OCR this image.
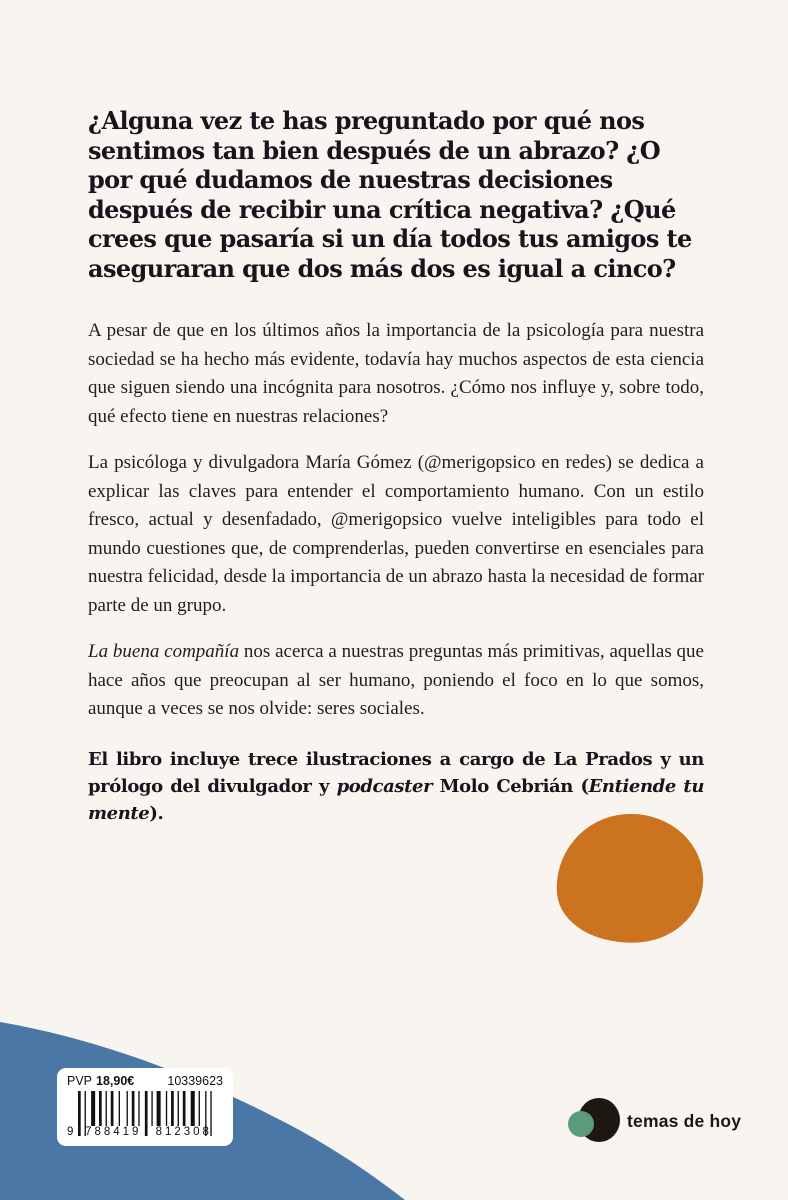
¿Alguna vez te has preguntado por qué nos sentimos tan bien después de un abrazo? ¿O por qué dudamos de nuestras decisiones después de recibir una crítica negativa? ¿Qué crees que pasaría si un día todos tus amigos te aseguraran que dos más dos es igual a cinco?

A pesar de que en los últimos años la importancia de la psicología para nuestra sociedad se ha hecho más evidente, todavía hay muchos aspectos de esta ciencia que siguen siendo una incógnita para nosotros. ¿Cómo nos influye y, sobre todo, qué efecto tiene en nuestras relaciones?

La psicóloga y divulgadora María Gómez (@merigopsico en redes) se dedica a explicar las claves para entender el comportamiento humano. Con un estilo fresco, actual y desenfadado, @merigopsico vuelve inteligibles para todo el mundo cuestiones que, de comprenderlas, pueden convertirse en esenciales para nuestra felicidad, desde la importancia de un abrazo hasta la necesidad de formar parte de un grupo.

La buena compañía nos acerca a nuestras preguntas más primitivas, aquellas que hace años que preocupan al ser humano, poniendo el foco en lo que somos, aunque a veces se nos olvide: seres sociales.

El libro incluye trece ilustraciones a cargo de La Prados y un prólogo del divulgador y podcaster Molo Cebrián (Entiende tu mente).

PVP 18,90€	10339623
9	788419	812308
temas de hoy
